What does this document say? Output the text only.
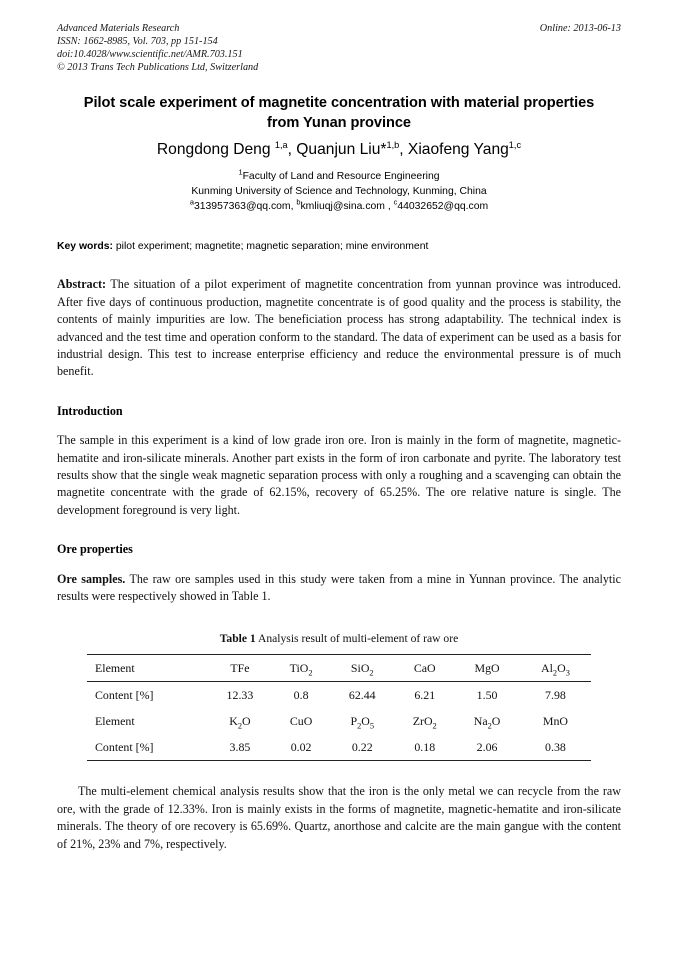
Advanced Materials Research
ISSN: 1662-8985, Vol. 703, pp 151-154
doi:10.4028/www.scientific.net/AMR.703.151
© 2013 Trans Tech Publications Ltd, Switzerland
Online: 2013-06-13
Pilot scale experiment of magnetite concentration with material properties from Yunan province
Rongdong Deng $^{1,a}$, Quanjun Liu*$^{1,b}$, Xiaofeng Yang$^{1,c}$
$^1$Faculty of Land and Resource Engineering
Kunming University of Science and Technology, Kunming, China
$^a$313957363@qq.com, $^b$kmliuqj@sina.com , $^c$44032652@qq.com
Key words: pilot experiment; magnetite; magnetic separation; mine environment

Abstract: The situation of a pilot experiment of magnetite concentration from yunnan province was introduced. After five days of continuous production, magnetite concentrate is of good quality and the process is stability, the contents of mainly impurities are low. The beneficiation process has strong adaptability. The technical index is advanced and the test time and operation conform to the standard. The data of experiment can be used as a basis for industrial design. This test to increase enterprise efficiency and reduce the environmental pressure is of much benefit.

Introduction

The sample in this experiment is a kind of low grade iron ore. Iron is mainly in the form of magnetite, magnetic-hematite and iron-silicate minerals. Another part exists in the form of iron carbonate and pyrite. The laboratory test results show that the single weak magnetic separation process with only a roughing and a scavenging can obtain the magnetite concentrate with the grade of 62.15%, recovery of 65.25%. The ore relative nature is single. The development foreground is very light.

Ore properties

Ore samples. The raw ore samples used in this study were taken from a mine in Yunnan province. The analytic results were respectively showed in Table 1.

Table 1 Analysis result of multi-element of raw ore
Element	TFe	TiO$_2$	SiO$_2$	CaO	MgO	$Al_2O_3$
Content [%]	12.33	0.8	62.44	6.21	1.50	7.98
Element	$K_2O$	CuO	$P_2O_5$	ZrO$_2$	$Na_2O$	MnO
Content [%]	3.85	0.02	0.22	0.18	2.06	0.38

The multi-element chemical analysis results show that the iron is the only metal we can recycle from the raw ore, with the grade of 12.33%. Iron is mainly exists in the forms of magnetite, magnetic-hematite and iron-silicate minerals. The theory of ore recovery is 65.69%. Quartz, anorthose and calcite are the main gangue with the content of 21%, 23% and 7%, respectively.
